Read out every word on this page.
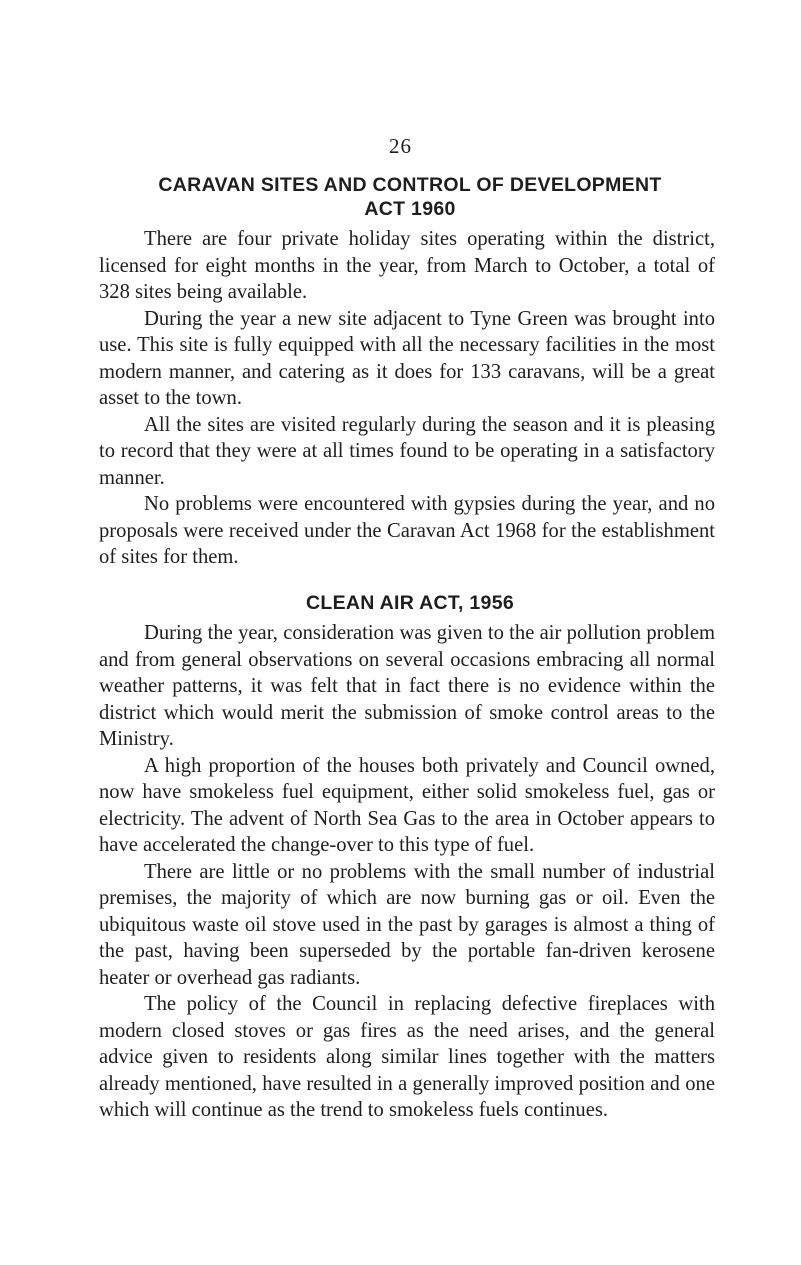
26
CARAVAN SITES AND CONTROL OF DEVELOPMENT
ACT 1960

There are four private holiday sites operating within the district, licensed for eight months in the year, from March to October, a total of 328 sites being available.

During the year a new site adjacent to Tyne Green was brought into use. This site is fully equipped with all the necessary facilities in the most modern manner, and catering as it does for 133 caravans, will be a great asset to the town.

All the sites are visited regularly during the season and it is pleasing to record that they were at all times found to be operating in a satisfactory manner.

No problems were encountered with gypsies during the year, and no proposals were received under the Caravan Act 1968 for the establishment of sites for them.

CLEAN AIR ACT, 1956

During the year, consideration was given to the air pollution problem and from general observations on several occasions embracing all normal weather patterns, it was felt that in fact there is no evidence within the district which would merit the submission of smoke control areas to the Ministry.

A high proportion of the houses both privately and Council owned, now have smokeless fuel equipment, either solid smokeless fuel, gas or electricity. The advent of North Sea Gas to the area in October appears to have accelerated the change-over to this type of fuel.

There are little or no problems with the small number of industrial premises, the majority of which are now burning gas or oil. Even the ubiquitous waste oil stove used in the past by garages is almost a thing of the past, having been superseded by the portable fan-driven kerosene heater or overhead gas radiants.

The policy of the Council in replacing defective fireplaces with modern closed stoves or gas fires as the need arises, and the general advice given to residents along similar lines together with the matters already mentioned, have resulted in a generally improved position and one which will continue as the trend to smokeless fuels continues.
